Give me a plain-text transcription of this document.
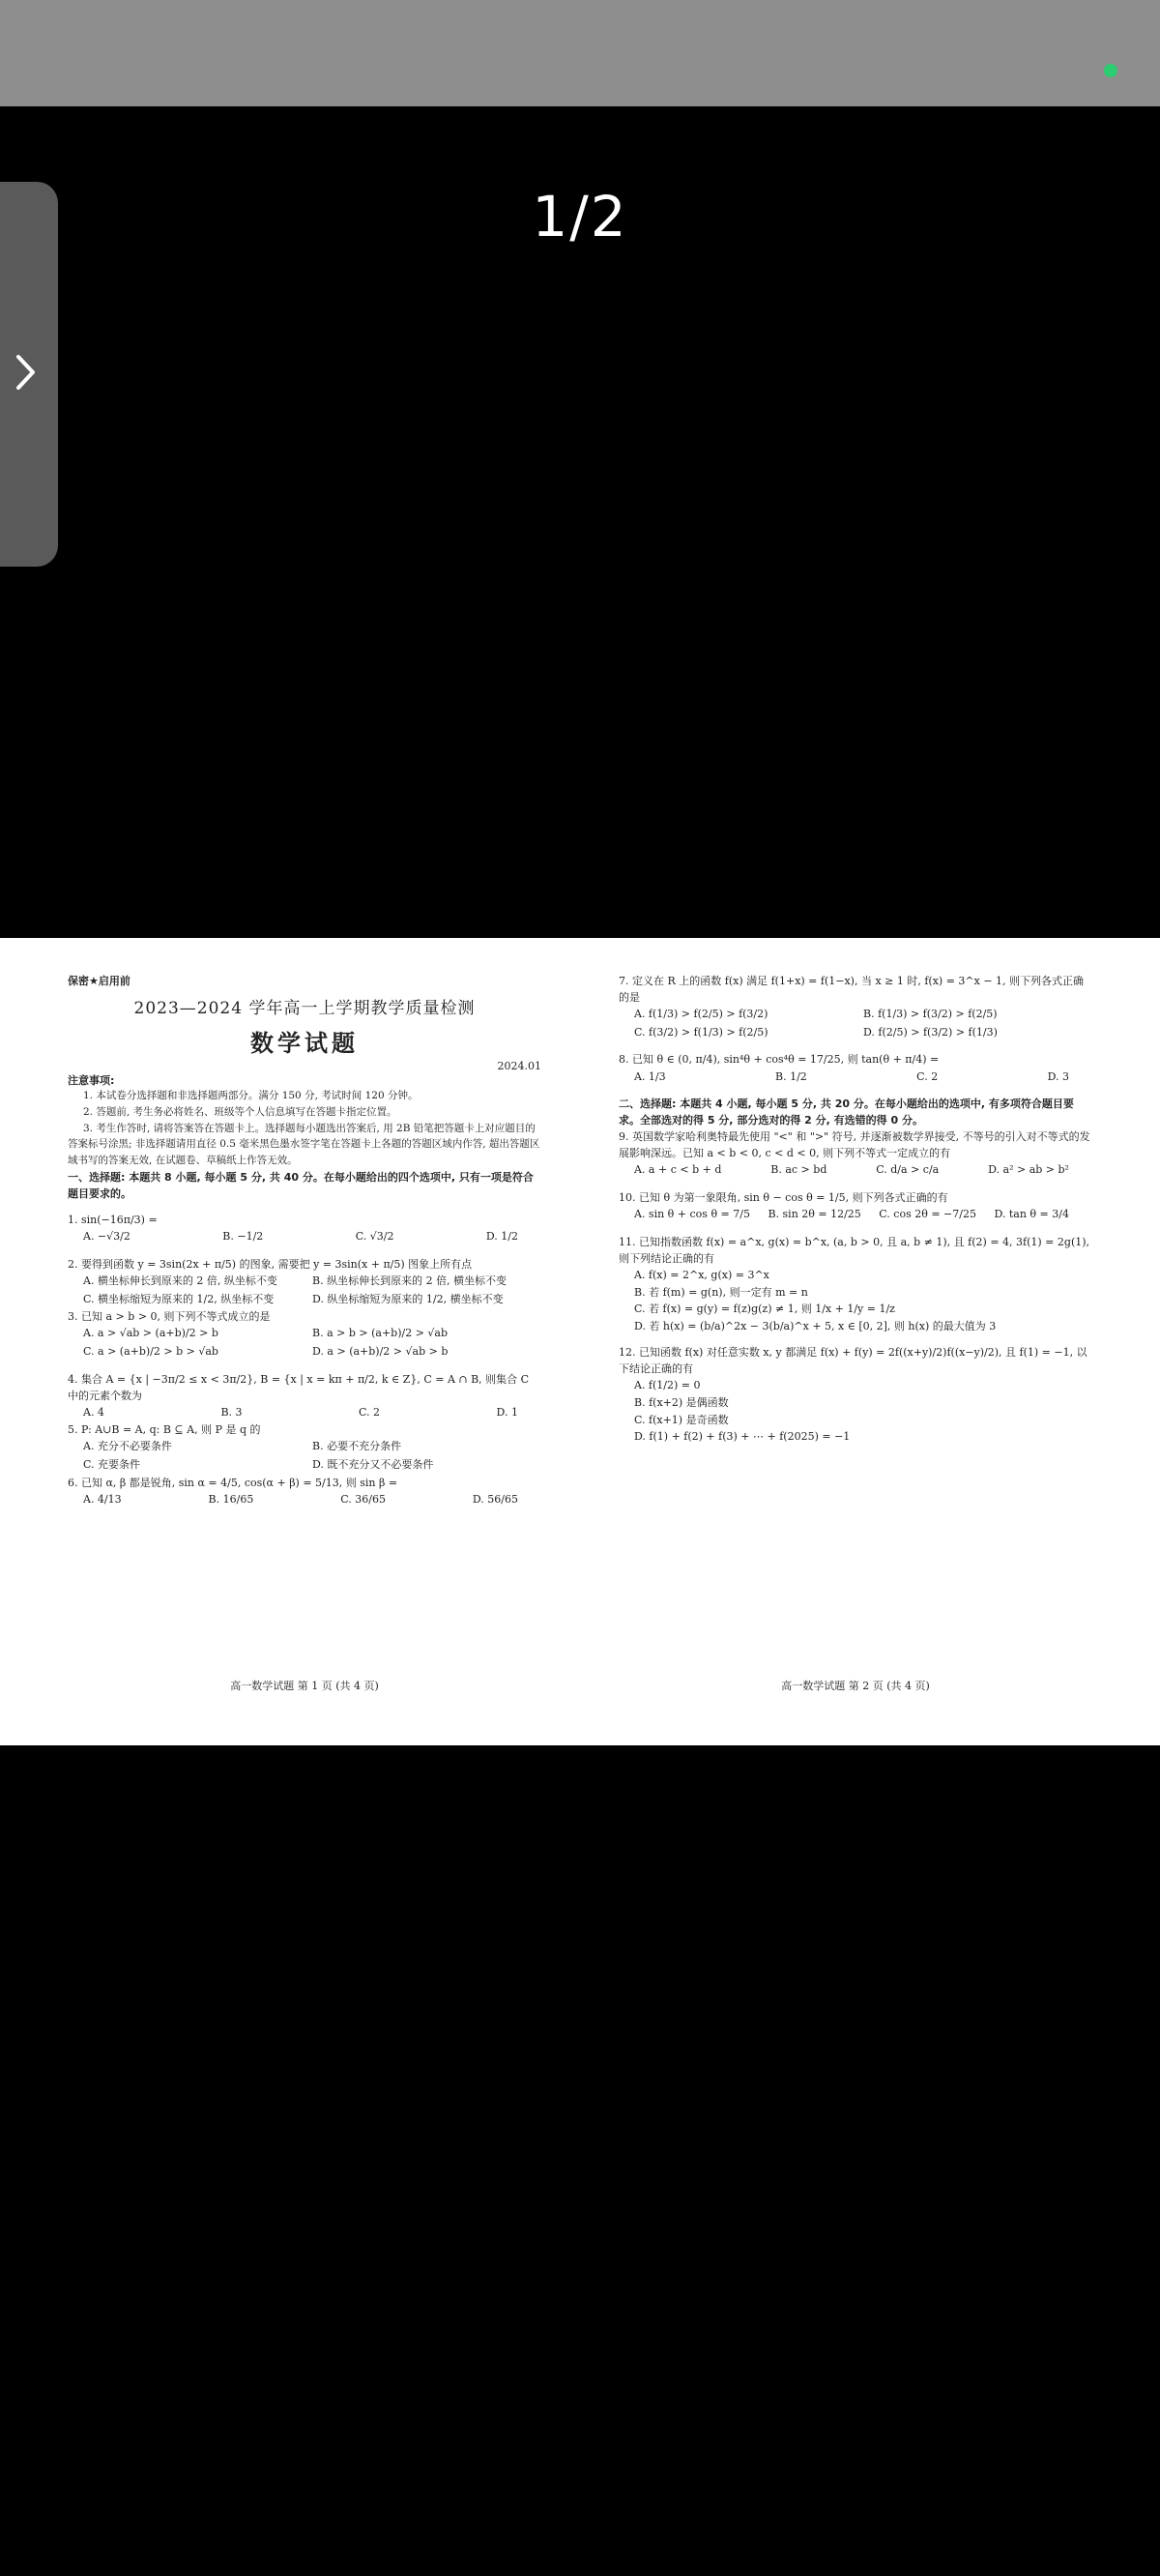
1/2
保密★启用前
2023—2024 学年高一上学期教学质量检测
数学试题
2024.01
注意事项:
1. 本试卷分选择题和非选择题两部分。满分 150 分, 考试时间 120 分钟。
2. 答题前, 考生务必将姓名、班级等个人信息填写在答题卡指定位置。
3. 考生作答时, 请将答案答在答题卡上。选择题每小题选出答案后, 用 2B 铅笔把答题卡上对应题目的答案标号涂黑; 非选择题请用直径 0.5 毫米黑色墨水签字笔在答题卡上各题的答题区域内作答, 超出答题区域书写的答案无效, 在试题卷、草稿纸上作答无效。
一、选择题: 本题共 8 小题, 每小题 5 分, 共 40 分。在每小题给出的四个选项中, 只有一项是符合题目要求的。
1. sin(−16π/3) =
A. −√3/2	B. −1/2	C. √3/2	D. 1/2
2. 要得到函数 y = 3sin(2x + π/5) 的图象, 需要把 y = 3sin(x + π/5) 图象上所有点
A. 横坐标伸长到原来的 2 倍, 纵坐标不变	B. 纵坐标伸长到原来的 2 倍, 横坐标不变
C. 横坐标缩短为原来的 1/2, 纵坐标不变	D. 纵坐标缩短为原来的 1/2, 横坐标不变
3. 已知 a > b > 0, 则下列不等式成立的是
A. a > √ab > (a+b)/2 > b	B. a > b > (a+b)/2 > √ab
C. a > (a+b)/2 > b > √ab	D. a > (a+b)/2 > √ab > b
4. 集合 A = {x | −3π/2 ≤ x < 3π/2}, B = {x | x = kπ + π/2, k ∈ Z}, C = A ∩ B, 则集合 C 中的元素个数为
A. 4	B. 3	C. 2	D. 1
5. P: A∪B = A, q: B ⊆ A, 则 P 是 q 的
A. 充分不必要条件	B. 必要不充分条件
C. 充要条件	D. 既不充分又不必要条件
6. 已知 α, β 都是锐角, sin α = 4/5, cos(α + β) = 5/13, 则 sin β =
A. 4/13	B. 16/65	C. 36/65	D. 56/65
高一数学试题 第 1 页 (共 4 页)
7. 定义在 R 上的函数 f(x) 满足 f(1+x) = f(1−x), 当 x ≥ 1 时, f(x) = 3^x − 1, 则下列各式正确的是
A. f(1/3) > f(2/5) > f(3/2)	B. f(1/3) > f(3/2) > f(2/5)
C. f(3/2) > f(1/3) > f(2/5)	D. f(2/5) > f(3/2) > f(1/3)
8. 已知 θ ∈ (0, π/4), sin⁴θ + cos⁴θ = 17/25, 则 tan(θ + π/4) =
A. 1/3	B. 1/2	C. 2	D. 3
二、选择题: 本题共 4 小题, 每小题 5 分, 共 20 分。在每小题给出的选项中, 有多项符合题目要求。全部选对的得 5 分, 部分选对的得 2 分, 有选错的得 0 分。
9. 英国数学家哈利奥特最先使用 "<" 和 ">" 符号, 并逐渐被数学界接受, 不等号的引入对不等式的发展影响深远。已知 a < b < 0, c < d < 0, 则下列不等式一定成立的有
A. a + c < b + d	B. ac > bd	C. d/a > c/a	D. a² > ab > b²
10. 已知 θ 为第一象限角, sin θ − cos θ = 1/5, 则下列各式正确的有
A. sin θ + cos θ = 7/5 B. sin 2θ = 12/25 C. cos 2θ = −7/25 D. tan θ = 3/4
11. 已知指数函数 f(x) = a^x, g(x) = b^x, (a, b > 0, 且 a, b ≠ 1), 且 f(2) = 4, 3f(1) = 2g(1), 则下列结论正确的有
A. f(x) = 2^x, g(x) = 3^x
B. 若 f(m) = g(n), 则一定有 m = n
C. 若 f(x) = g(y) = f(z)g(z) ≠ 1, 则 1/x + 1/y = 1/z
D. 若 h(x) = (b/a)^2x − 3(b/a)^x + 5, x ∈ [0, 2], 则 h(x) 的最大值为 3
12. 已知函数 f(x) 对任意实数 x, y 都满足 f(x) + f(y) = 2f((x+y)/2)f((x−y)/2), 且 f(1) = −1, 以下结论正确的有
A. f(1/2) = 0
B. f(x+2) 是偶函数
C. f(x+1) 是奇函数
D. f(1) + f(2) + f(3) + ⋯ + f(2025) = −1
高一数学试题 第 2 页 (共 4 页)
